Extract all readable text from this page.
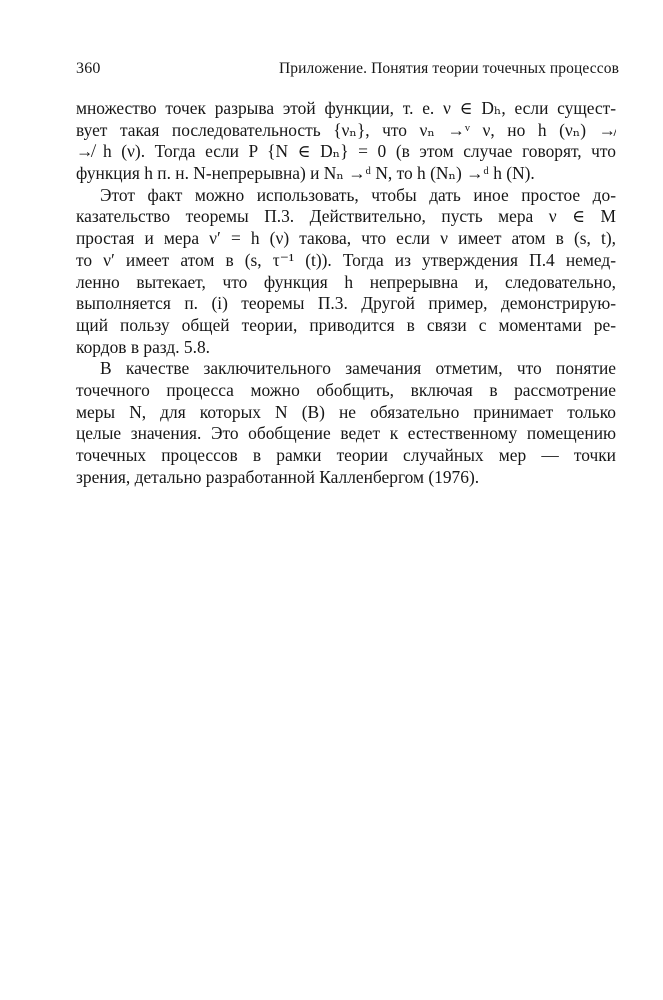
360	Приложение. Понятия теории точечных процессов
множество точек разрыва этой функции, т. е. ν ∈ Dₕ, если сущест-
вует такая последовательность {νₙ}, что νₙ →ᵛ ν, но h (νₙ) ↛
↛ h (ν). Тогда если P {N ∈ Dₙ} = 0 (в этом случае говорят, что
функция h п. н. N-непрерывна) и Nₙ →ᵈ N, то h (Nₙ) →ᵈ h (N).
Этот факт можно использовать, чтобы дать иное простое до-
казательство теоремы П.3. Действительно, пусть мера ν ∈ M
простая и мера ν′ = h (ν) такова, что если ν имеет атом в (s, t),
то ν′ имеет атом в (s, τ⁻¹ (t)). Тогда из утверждения П.4 немед-
ленно вытекает, что функция h непрерывна и, следовательно,
выполняется п. (i) теоремы П.3. Другой пример, демонстрирую-
щий пользу общей теории, приводится в связи с моментами ре-
кордов в разд. 5.8.
В качестве заключительного замечания отметим, что понятие
точечного процесса можно обобщить, включая в рассмотрение
меры N, для которых N (B) не обязательно принимает только
целые значения. Это обобщение ведет к естественному помещению
точечных процессов в рамки теории случайных мер — точки
зрения, детально разработанной Калленбергом (1976).
